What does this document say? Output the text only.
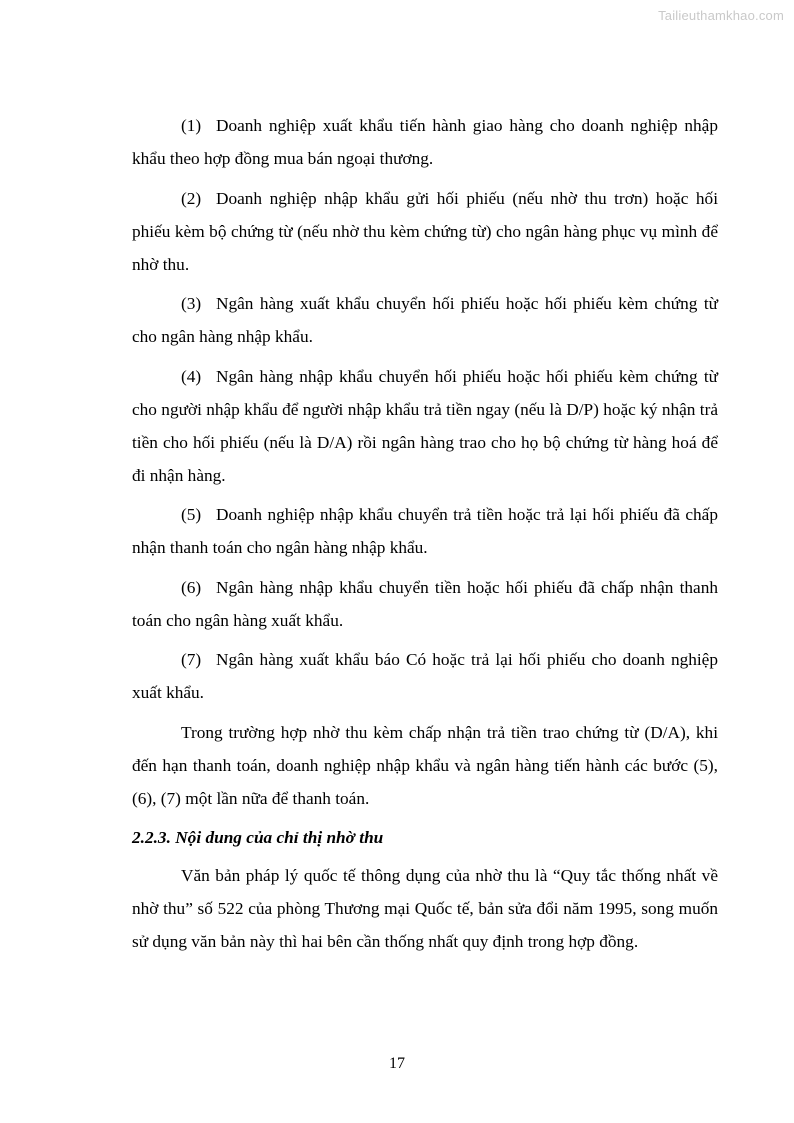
Tailieuthamkhao.com

(1) Doanh nghiệp xuất khẩu tiến hành giao hàng cho doanh nghiệp nhập khẩu theo hợp đồng mua bán ngoại thương.

(2) Doanh nghiệp nhập khẩu gửi hối phiếu (nếu nhờ thu trơn) hoặc hối phiếu kèm bộ chứng từ (nếu nhờ thu kèm chứng từ) cho ngân hàng phục vụ mình để nhờ thu.

(3) Ngân hàng xuất khẩu chuyển hối phiếu hoặc hối phiếu kèm chứng từ cho ngân hàng nhập khẩu.

(4) Ngân hàng nhập khẩu chuyển hối phiếu hoặc hối phiếu kèm chứng từ cho người nhập khẩu để người nhập khẩu trả tiền ngay (nếu là D/P) hoặc ký nhận trả tiền cho hối phiếu (nếu là D/A) rồi ngân hàng trao cho họ bộ chứng từ hàng hoá để đi nhận hàng.

(5) Doanh nghiệp nhập khẩu chuyển trả tiền hoặc trả lại hối phiếu đã chấp nhận thanh toán cho ngân hàng nhập khẩu.

(6) Ngân hàng nhập khẩu chuyển tiền hoặc hối phiếu đã chấp nhận thanh toán cho ngân hàng xuất khẩu.

(7) Ngân hàng xuất khẩu báo Có hoặc trả lại hối phiếu cho doanh nghiệp xuất khẩu.

Trong trường hợp nhờ thu kèm chấp nhận trả tiền trao chứng từ (D/A), khi đến hạn thanh toán, doanh nghiệp nhập khẩu và ngân hàng tiến hành các bước (5), (6), (7) một lần nữa để thanh toán.

2.2.3. Nội dung của chỉ thị nhờ thu

Văn bản pháp lý quốc tế thông dụng của nhờ thu là “Quy tắc thống nhất về nhờ thu” số 522 của phòng Thương mại Quốc tế, bản sửa đổi năm 1995, song muốn sử dụng văn bản này thì hai bên cần thống nhất quy định trong hợp đồng.

17
